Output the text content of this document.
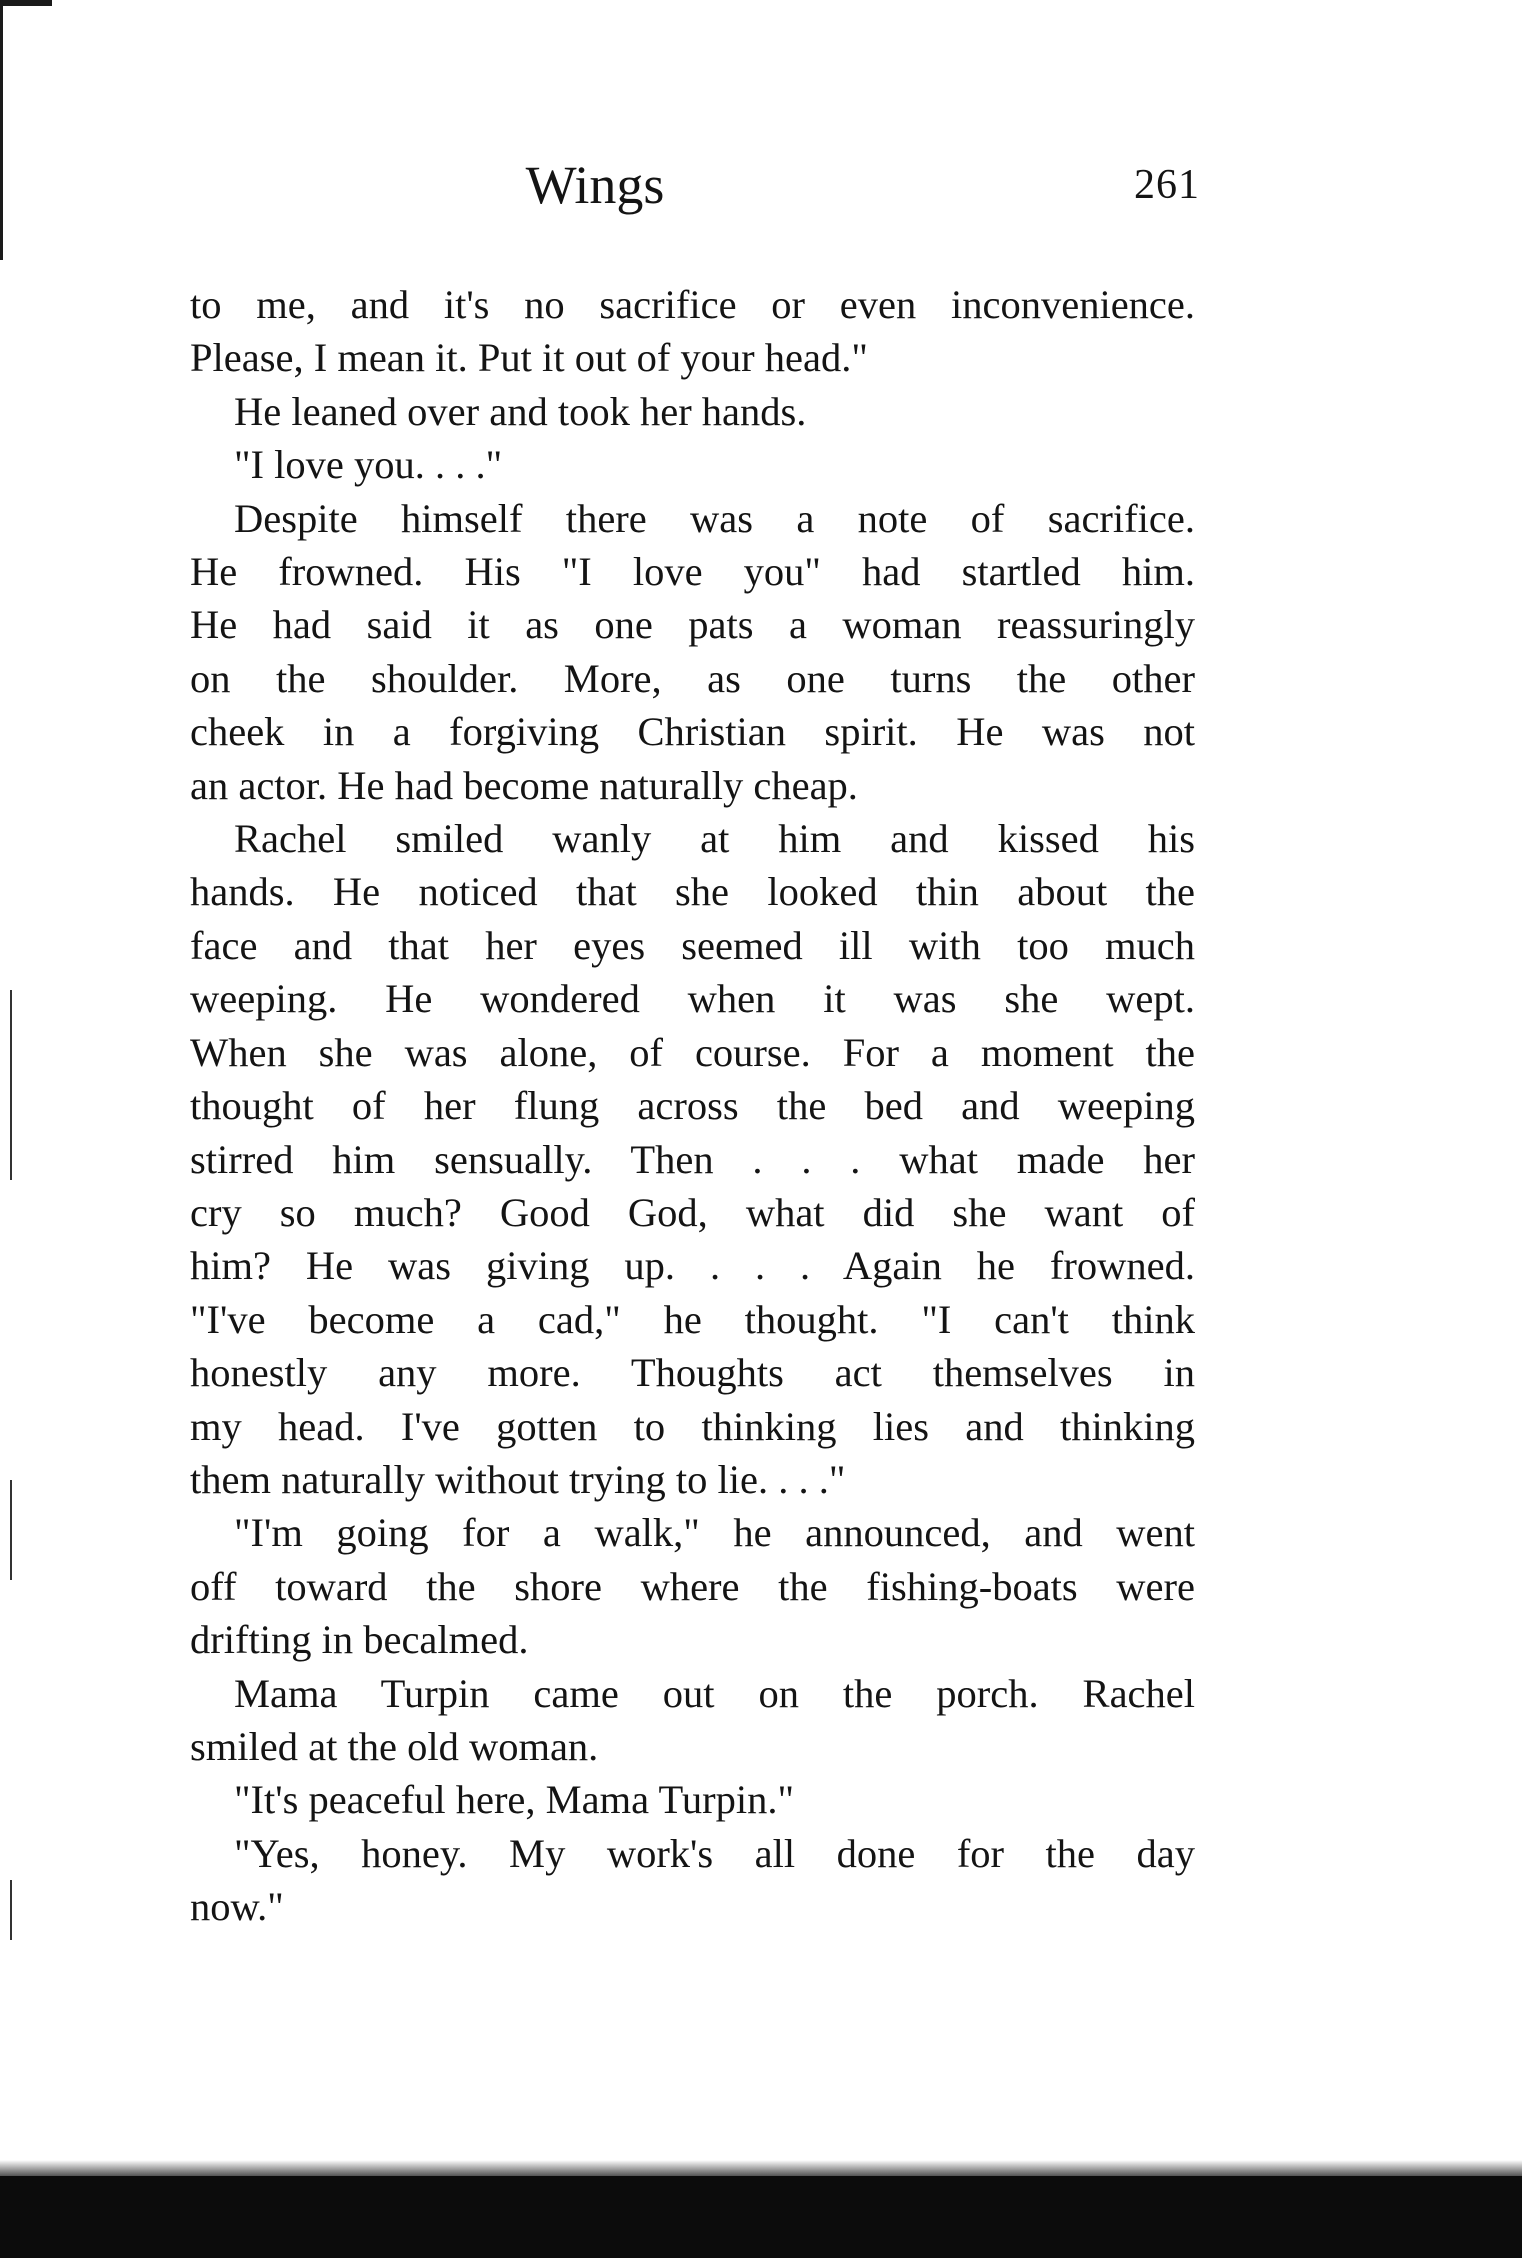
Wings	261
to me, and it's no sacrifice or even inconvenience.
Please, I mean it. Put it out of your head."
He leaned over and took her hands.
"I love you. . . ."
Despite himself there was a note of sacrifice.
He frowned. His "I love you" had startled him.
He had said it as one pats a woman reassuringly
on the shoulder. More, as one turns the other
cheek in a forgiving Christian spirit. He was not
an actor. He had become naturally cheap.
Rachel smiled wanly at him and kissed his
hands. He noticed that she looked thin about the
face and that her eyes seemed ill with too much
weeping. He wondered when it was she wept.
When she was alone, of course. For a moment the
thought of her flung across the bed and weeping
stirred him sensually. Then . . . what made her
cry so much? Good God, what did she want of
him? He was giving up. . . . Again he frowned.
"I've become a cad," he thought. "I can't think
honestly any more. Thoughts act themselves in
my head. I've gotten to thinking lies and thinking
them naturally without trying to lie. . . ."
"I'm going for a walk," he announced, and went
off toward the shore where the fishing-boats were
drifting in becalmed.
Mama Turpin came out on the porch. Rachel
smiled at the old woman.
"It's peaceful here, Mama Turpin."
"Yes, honey. My work's all done for the day
now."
